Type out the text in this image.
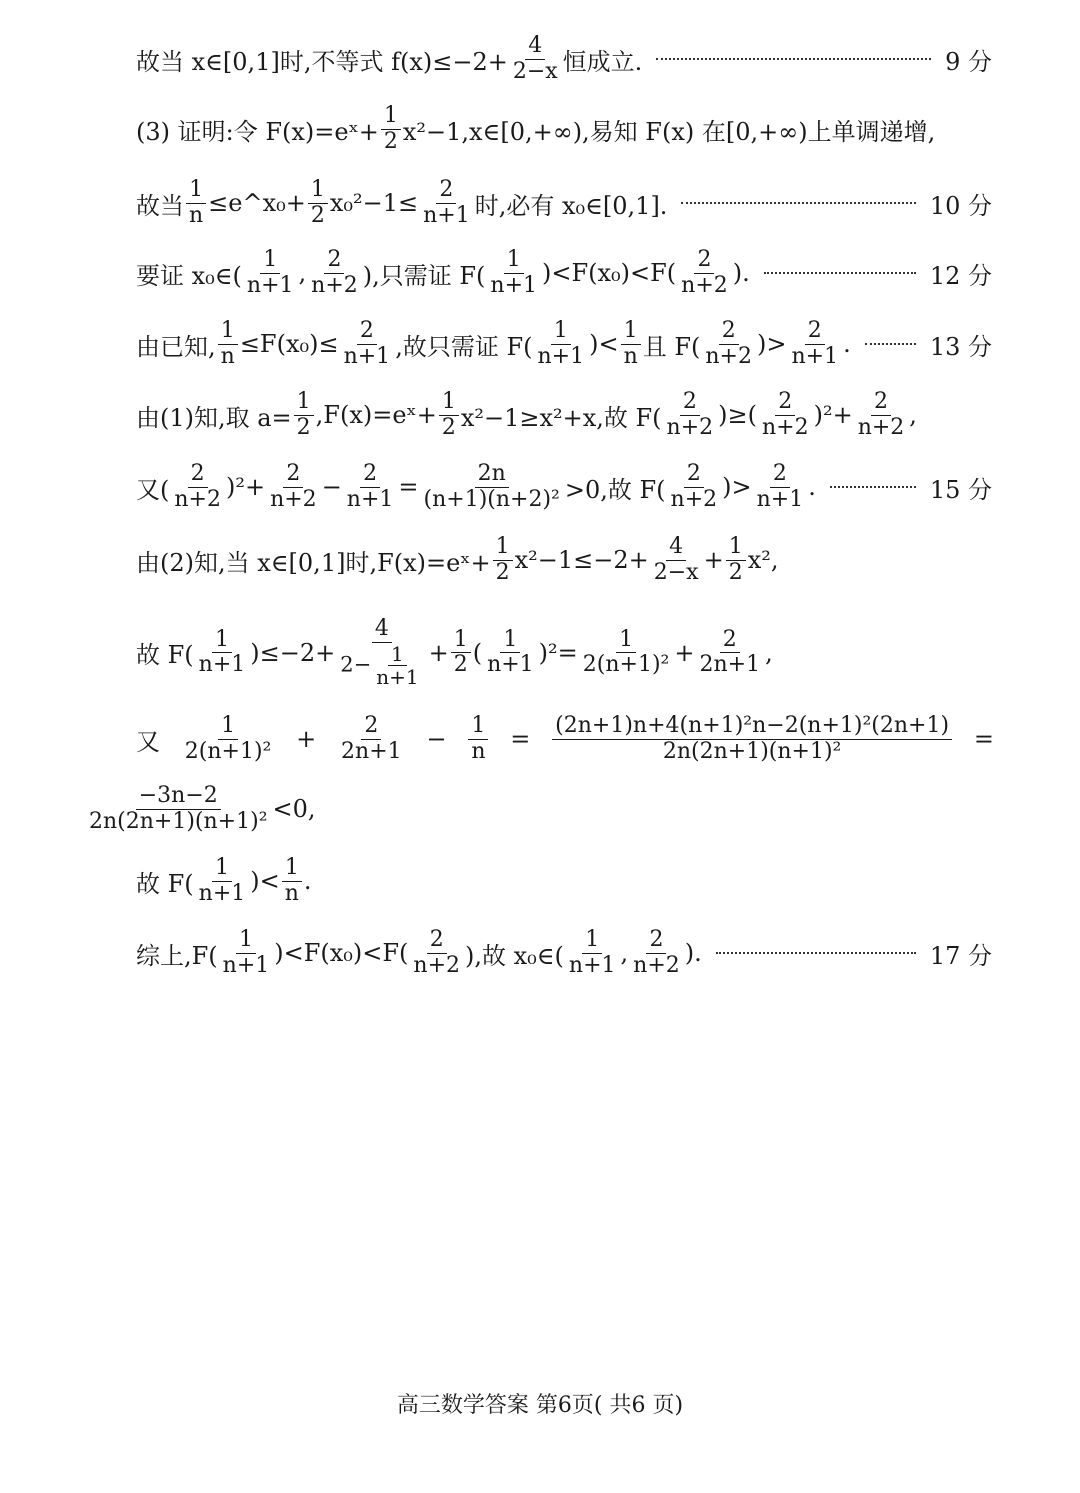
故当 x∈[0,1]时,不等式 $f(x)\le-2+ \frac{4}{2-x}$ 恒成立.	9 分
(3) 证明:令 F(x)=eˣ+ $\frac{1}{2}$ x²−1,x∈[0,+∞),易知 F(x) 在[0,+∞)上单调递增,
故当 $\frac{1}{n}$ ≤e^x₀+ $\frac{1}{2} x_0^2-1\le \frac{2}{n+1}$ 时,必有 x₀∈[0,1].	10 分
要证 x₀∈( $\frac{1}{n+1}$ , $\frac{2}{n+2}$ ),只需证 $F( \frac{1}{n+1} )<F(x_0)<F( \frac{2}{n+2}$ ).	12 分
由已知, $\frac{1}{n} \le F(x_0)\le \frac{2}{n+1}$ ,故只需证 $F( \frac{1}{n+1}$ )< $\frac{1}{n}$ 且 $F( \frac{2}{n+2}$ )> $\frac{2}{n+1}$ .	13 分
由(1)知,取 $a= \frac{1}{2}$ ,F(x)=eˣ+ $\frac{1}{2} x^2-1\ge x^2+x$,故 $F( \frac{2}{n+2}$ )≥( $\frac{2}{n+2} )^2+ \frac{2}{n+2}$ ,
又( $\frac{2}{n+2} )^2+ \frac{2}{n+2} - \frac{2}{n+1} = \frac{2n}{\text{(n+1)(n+2)²}} >0$,故 $F( \frac{2}{n+2}$ )> $\frac{2}{n+1}$ .	15 分
由(2)知,当 x∈[0,1]时,F(x)=eˣ+ $\frac{1}{2} x^2-1\le-2+ \frac{4}{2-x} + \frac{1}{2} x^2$,
故 $F( \frac{1}{n+1} )\le-2+ \frac{4}{2- \frac{1}{n+1}} + \frac{1}{2}$ ( $\frac{1}{n+1} )^2= \frac{1}{\text{2(n+1)²}} + \frac{2}{2n+1}$ ,
又 $\frac{1}{\text{2(n+1)²}} + \frac{2}{2n+1} - \frac{1}{n} = \frac{\text{(2n+1)n+4(n+1)²n−2(n+1)²(2n+1)}}{\text{2n(2n+1)(n+1)²}}$ =
$\frac{-3n-2}{\text{2n(2n+1)(n+1)²}} <0$,
故 $F( \frac{1}{n+1}$ )< $\frac{1}{n}$ .
综上$,F( \frac{1}{n+1} )<F(x_0)<F( \frac{2}{n+2}$ ),故 x₀∈( $\frac{1}{n+1}$ , $\frac{2}{n+2}$ ).	17 分
高三数学答案 第6页( 共6 页)
